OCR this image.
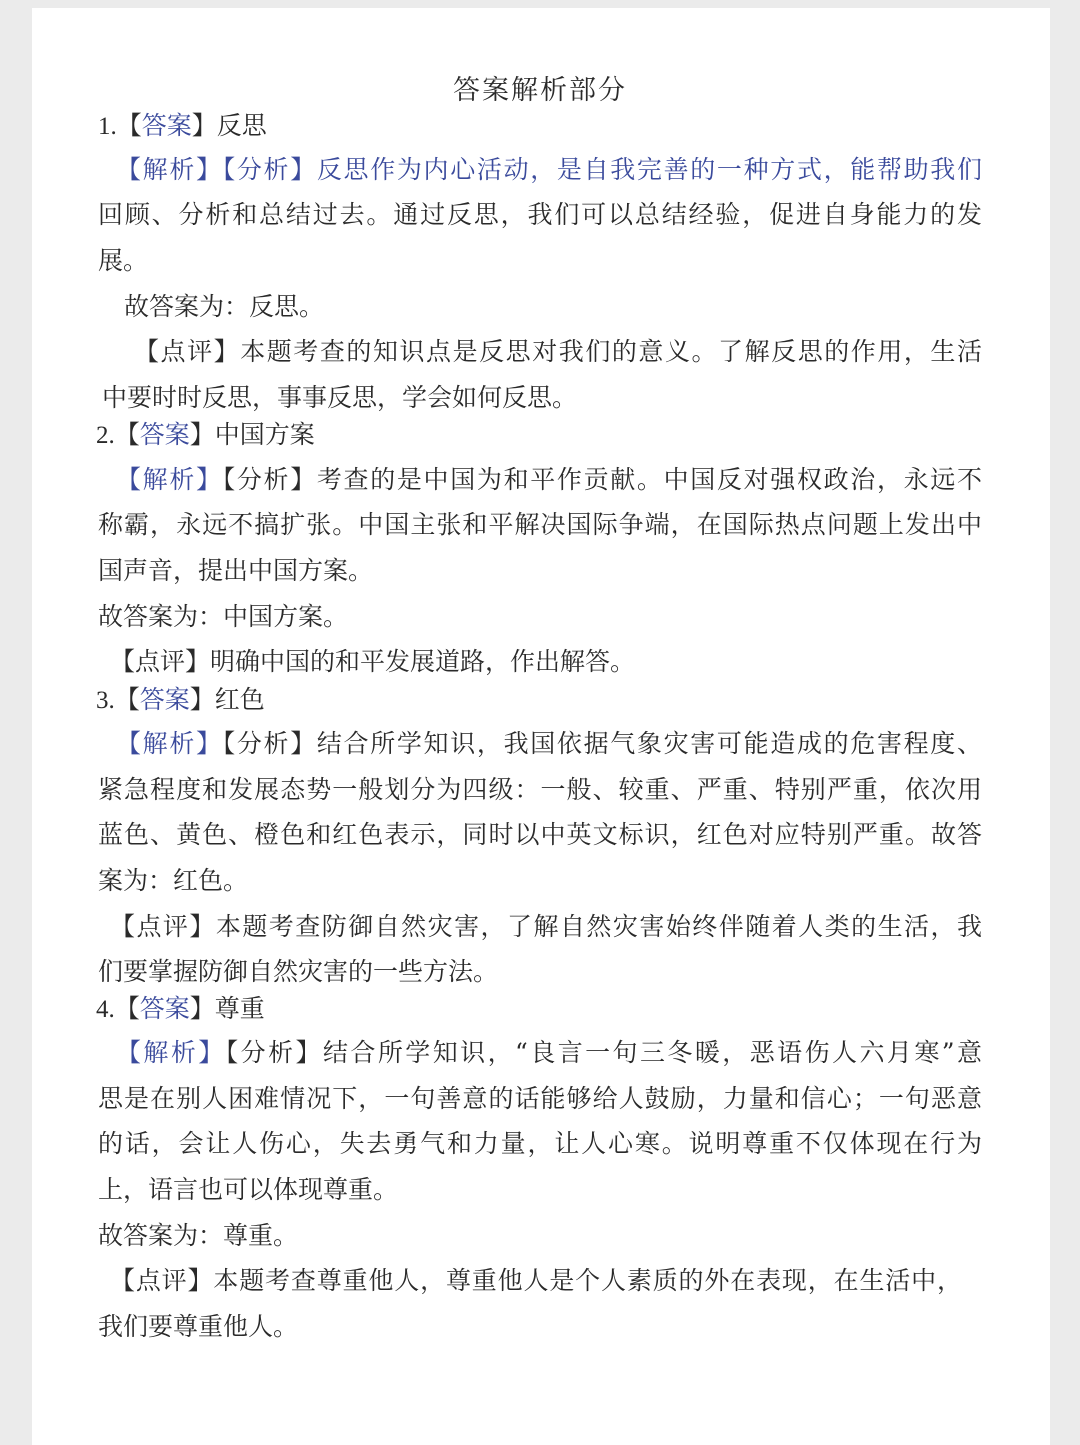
答案解析部分
1.【答案】反思
【解析】【分析】反思作为内心活动，是自我完善的一种方式，能帮助我们
回顾、分析和总结过去。通过反思，我们可以总结经验，促进自身能力的发
展。
故答案为：反思。
【点评】本题考查的知识点是反思对我们的意义。了解反思的作用，生活
中要时时反思，事事反思，学会如何反思。
2.【答案】中国方案
【解析】【分析】考查的是中国为和平作贡献。中国反对强权政治，永远不
称霸，永远不搞扩张。中国主张和平解决国际争端，在国际热点问题上发出中
国声音，提出中国方案。
故答案为：中国方案。
【点评】明确中国的和平发展道路，作出解答。
3.【答案】红色
【解析】【分析】结合所学知识，我国依据气象灾害可能造成的危害程度、
紧急程度和发展态势一般划分为四级：一般、较重、严重、特别严重，依次用
蓝色、黄色、橙色和红色表示，同时以中英文标识，红色对应特别严重。故答
案为：红色。
【点评】本题考查防御自然灾害，了解自然灾害始终伴随着人类的生活，我
们要掌握防御自然灾害的一些方法。
4.【答案】尊重
【解析】【分析】结合所学知识，“良言一句三冬暖，恶语伤人六月寒”意
思是在别人困难情况下，一句善意的话能够给人鼓励，力量和信心；一句恶意
的话，会让人伤心，失去勇气和力量，让人心寒。说明尊重不仅体现在行为
上，语言也可以体现尊重。
故答案为：尊重。
【点评】本题考查尊重他人，尊重他人是个人素质的外在表现，在生活中，
我们要尊重他人。
